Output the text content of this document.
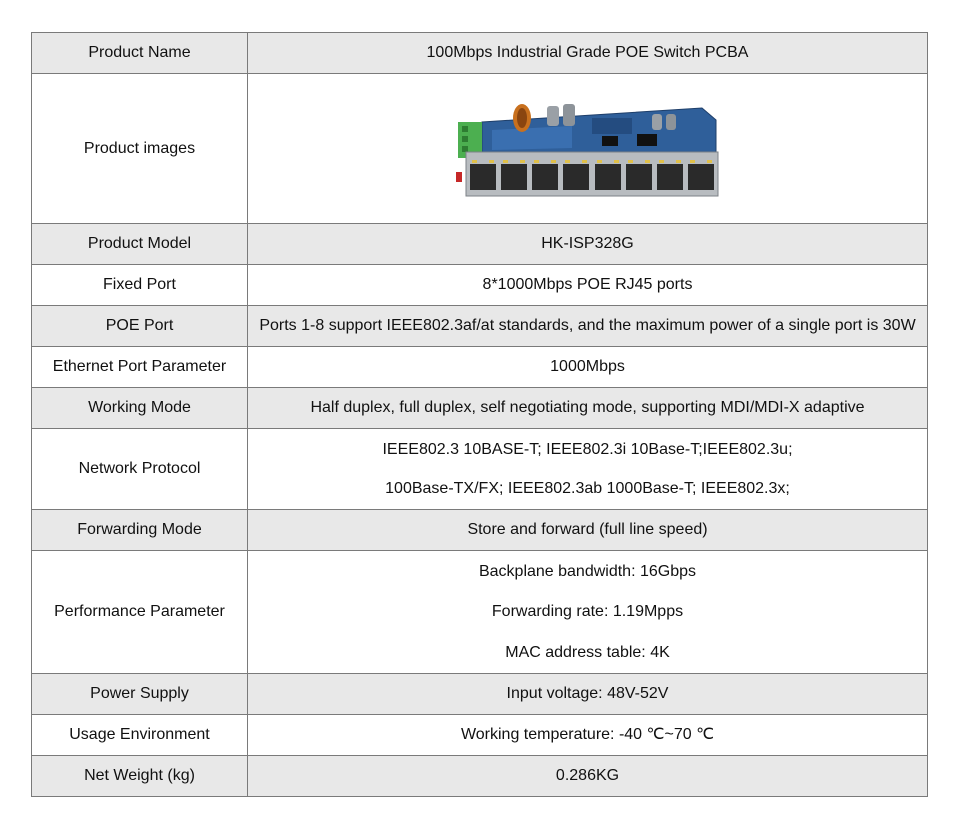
Product Name	100Mbps Industrial Grade POE Switch PCBA
Product images	

Product Model	HK-ISP328G
Fixed Port	8*1000Mbps POE RJ45 ports
POE Port	Ports 1-8 support IEEE802.3af/at standards, and the maximum power of a single port is 30W
Ethernet Port Parameter	1000Mbps
Working Mode	Half duplex, full duplex, self negotiating mode, supporting MDI/MDI-X adaptive
Network Protocol	IEEE802.3 10BASE-T; IEEE802.3i 10Base-T;IEEE802.3u;
100Base-TX/FX; IEEE802.3ab 1000Base-T; IEEE802.3x;

Forwarding Mode	Store and forward (full line speed)
Performance Parameter	Backplane bandwidth: 16Gbps
Forwarding rate: 1.19Mpps
MAC address table: 4K

Power Supply	Input voltage: 48V-52V
Usage Environment	Working temperature: -40 ℃~70 ℃
Net Weight (kg)	0.286KG
